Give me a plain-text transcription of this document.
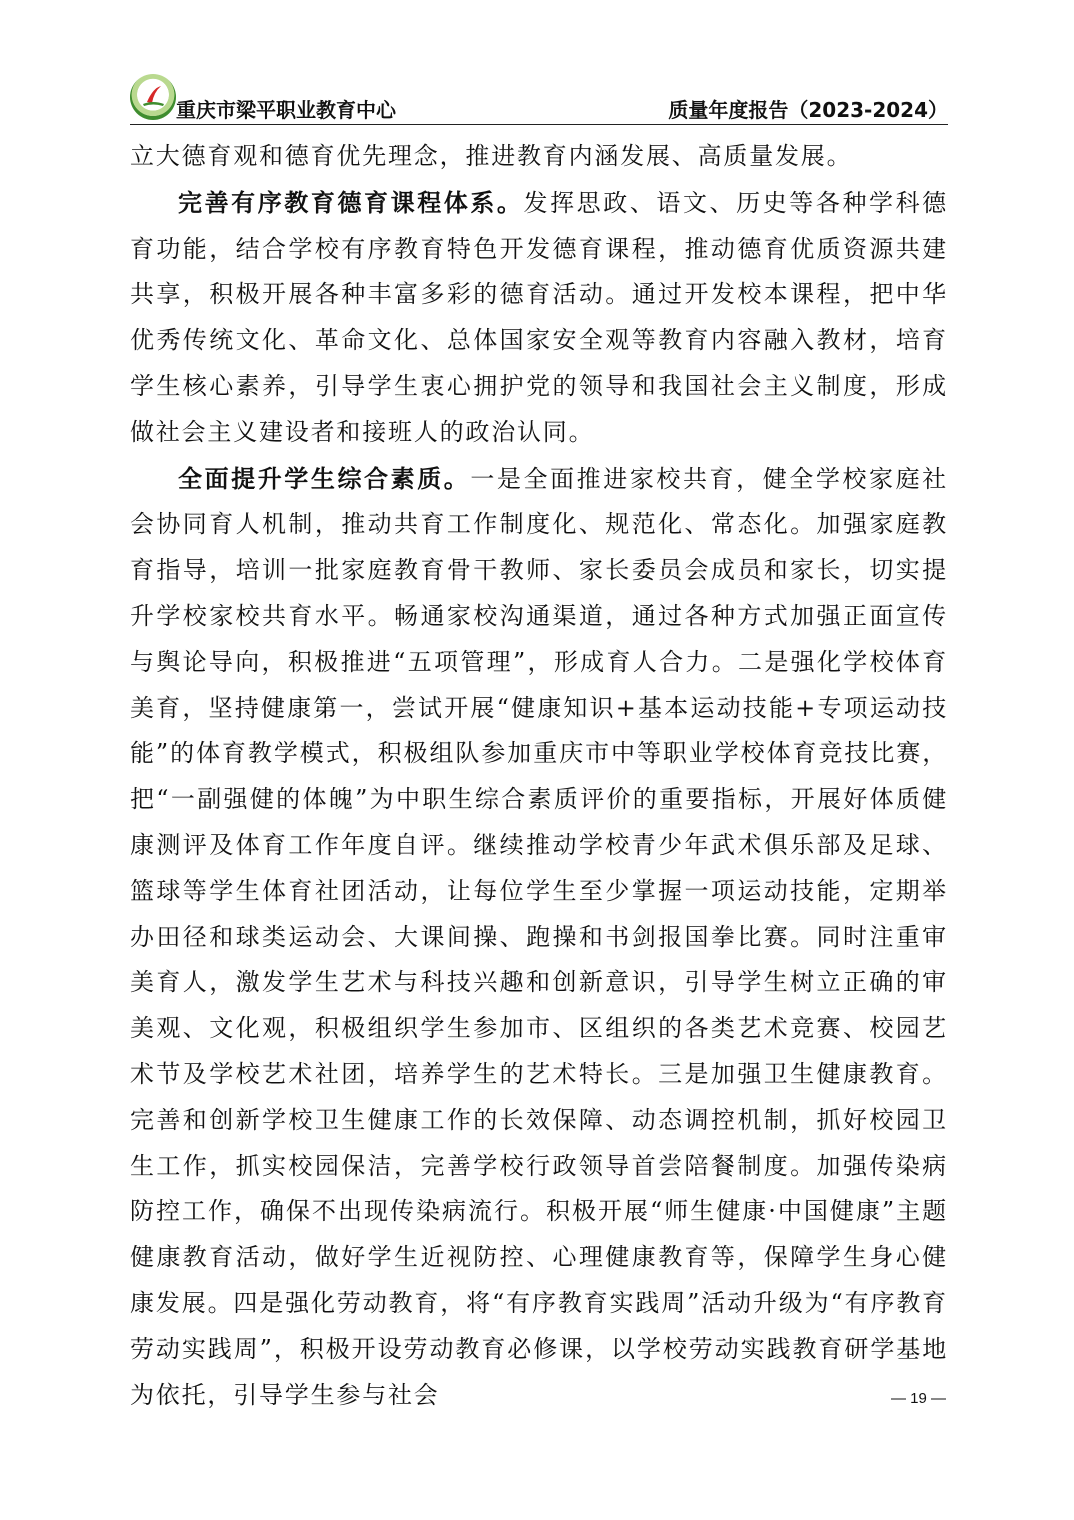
重庆市梁平职业教育中心	质量年度报告（2023-2024）

立大德育观和德育优先理念，推进教育内涵发展、高质量发展。

完善有序教育德育课程体系。发挥思政、语文、历史等各种学科德育功能，结合学校有序教育特色开发德育课程，推动德育优质资源共建共享，积极开展各种丰富多彩的德育活动。通过开发校本课程，把中华优秀传统文化、革命文化、总体国家安全观等教育内容融入教材，培育学生核心素养，引导学生衷心拥护党的领导和我国社会主义制度，形成做社会主义建设者和接班人的政治认同。

全面提升学生综合素质。一是全面推进家校共育，健全学校家庭社会协同育人机制，推动共育工作制度化、规范化、常态化。加强家庭教育指导，培训一批家庭教育骨干教师、家长委员会成员和家长，切实提升学校家校共育水平。畅通家校沟通渠道，通过各种方式加强正面宣传与舆论导向，积极推进“五项管理”，形成育人合力。二是强化学校体育美育，坚持健康第一，尝试开展“健康知识+基本运动技能+专项运动技能”的体育教学模式，积极组队参加重庆市中等职业学校体育竞技比赛，把“一副强健的体魄”为中职生综合素质评价的重要指标，开展好体质健康测评及体育工作年度自评。继续推动学校青少年武术俱乐部及足球、篮球等学生体育社团活动，让每位学生至少掌握一项运动技能，定期举办田径和球类运动会、大课间操、跑操和书剑报国拳比赛。同时注重审美育人，激发学生艺术与科技兴趣和创新意识，引导学生树立正确的审美观、文化观，积极组织学生参加市、区组织的各类艺术竞赛、校园艺术节及学校艺术社团，培养学生的艺术特长。三是加强卫生健康教育。完善和创新学校卫生健康工作的长效保障、动态调控机制，抓好校园卫生工作，抓实校园保洁，完善学校行政领导首尝陪餐制度。加强传染病防控工作，确保不出现传染病流行。积极开展“师生健康·中国健康”主题健康教育活动，做好学生近视防控、心理健康教育等，保障学生身心健康发展。四是强化劳动教育，将“有序教育实践周”活动升级为“有序教育劳动实践周”，积极开设劳动教育必修课，以学校劳动实践教育研学基地为依托，引导学生参与社会	— 19 —
